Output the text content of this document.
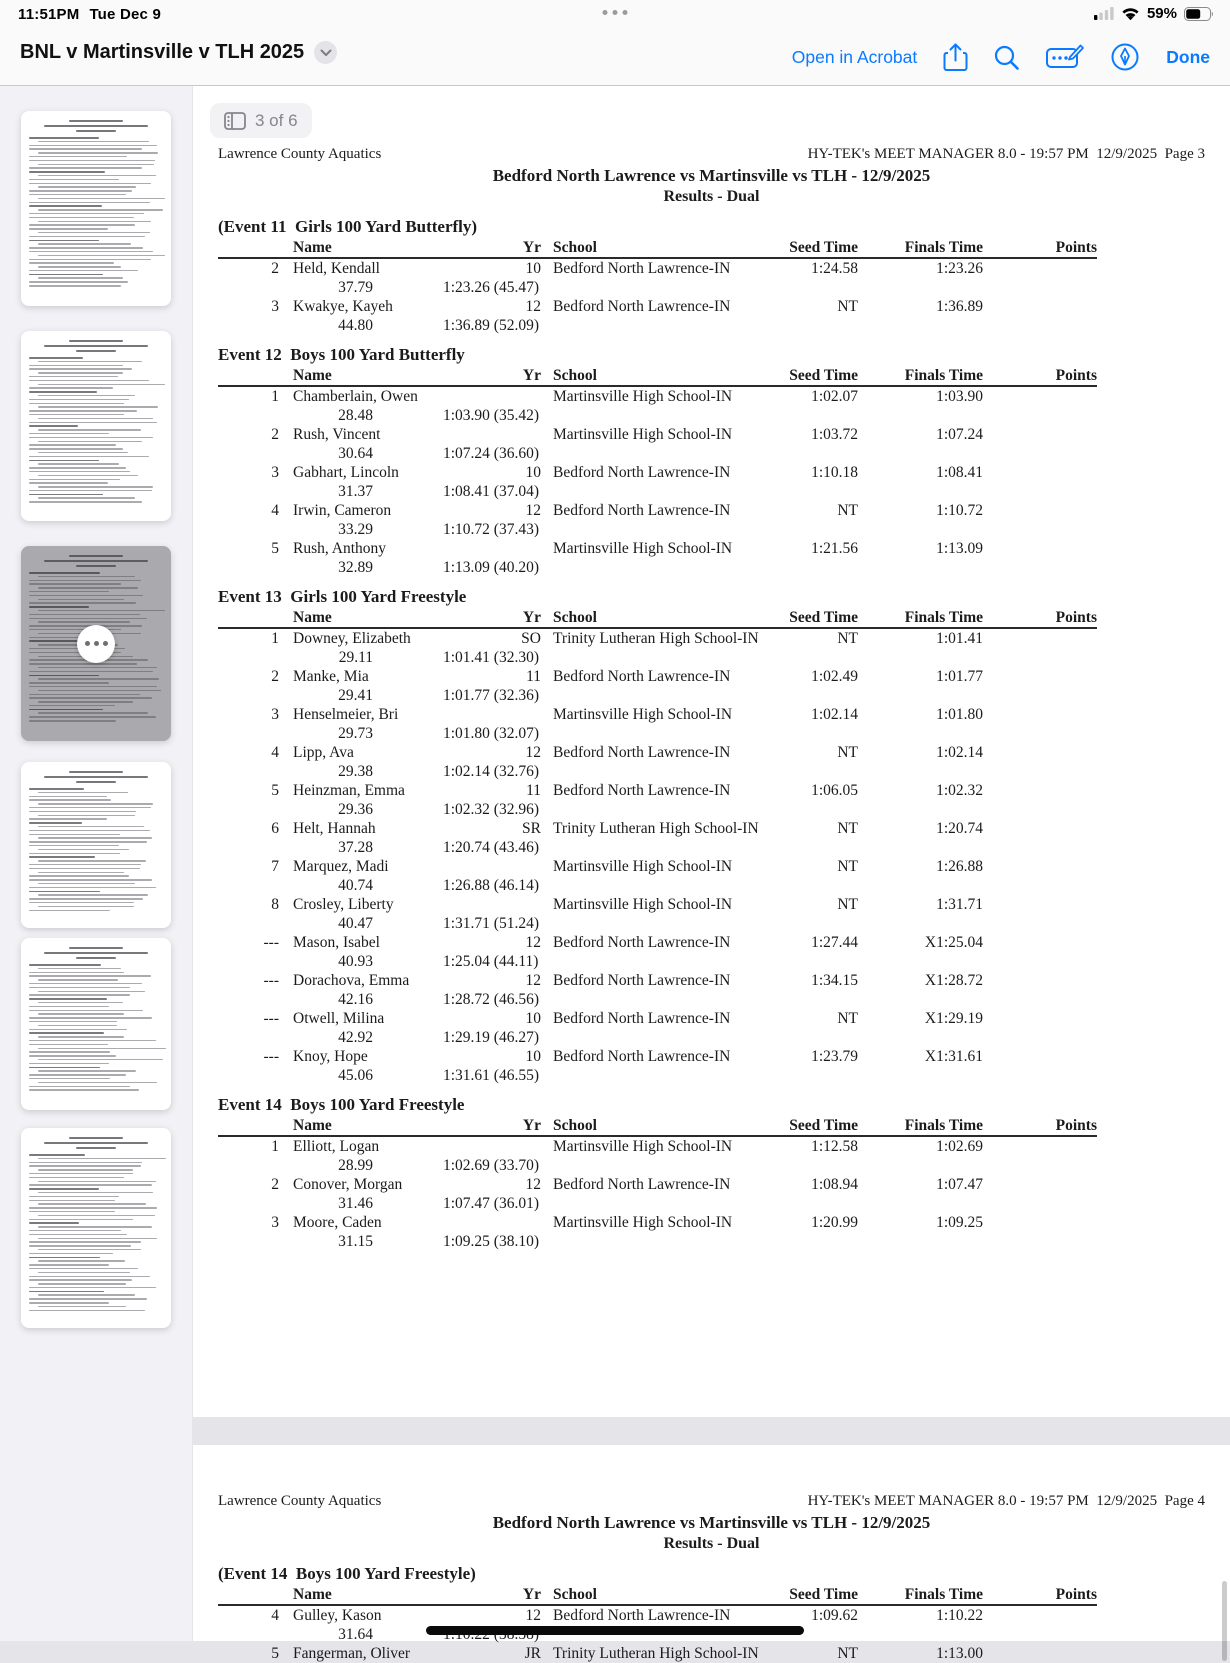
11:51PM Tue Dec 9	59%
BNL v Martinsville v TLH 2025	Open in Acrobat	Done
3 of 6
Lawrence County Aquatics	HY-TEK's MEET MANAGER 8.0 - 19:57 PM  12/9/2025  Page 3
Bedford North Lawrence vs Martinsville vs TLH - 12/9/2025
Results - Dual
(Event 11  Girls 100 Yard Butterfly)
Name	Yr School	Seed Time	Finals Time	Points
2 Held, Kendall	10 Bedford North Lawrence-IN	1:24.58	1:23.26
37.79	1:23.26 (45.47)
3 Kwakye, Kayeh	12 Bedford North Lawrence-IN	NT	1:36.89
44.80	1:36.89 (52.09)
Event 12  Boys 100 Yard Butterfly
Name	Yr School	Seed Time	Finals Time	Points
1 Chamberlain, Owen	Martinsville High School-IN	1:02.07	1:03.90
28.48	1:03.90 (35.42)
2 Rush, Vincent	Martinsville High School-IN	1:03.72	1:07.24
30.64	1:07.24 (36.60)
3 Gabhart, Lincoln	10 Bedford North Lawrence-IN	1:10.18	1:08.41
31.37	1:08.41 (37.04)
4 Irwin, Cameron	12 Bedford North Lawrence-IN	NT	1:10.72
33.29	1:10.72 (37.43)
5 Rush, Anthony	Martinsville High School-IN	1:21.56	1:13.09
32.89	1:13.09 (40.20)
Event 13  Girls 100 Yard Freestyle
Name	Yr School	Seed Time	Finals Time	Points
1 Downey, Elizabeth	SO Trinity Lutheran High School-IN	NT	1:01.41
29.11	1:01.41 (32.30)
2 Manke, Mia	11 Bedford North Lawrence-IN	1:02.49	1:01.77
29.41	1:01.77 (32.36)
3 Henselmeier, Bri	Martinsville High School-IN	1:02.14	1:01.80
29.73	1:01.80 (32.07)
4 Lipp, Ava	12 Bedford North Lawrence-IN	NT	1:02.14
29.38	1:02.14 (32.76)
5 Heinzman, Emma	11 Bedford North Lawrence-IN	1:06.05	1:02.32
29.36	1:02.32 (32.96)
6 Helt, Hannah	SR Trinity Lutheran High School-IN	NT	1:20.74
37.28	1:20.74 (43.46)
7 Marquez, Madi	Martinsville High School-IN	NT	1:26.88
40.74	1:26.88 (46.14)
8 Crosley, Liberty	Martinsville High School-IN	NT	1:31.71
40.47	1:31.71 (51.24)
--- Mason, Isabel	12 Bedford North Lawrence-IN	1:27.44	X1:25.04
40.93	1:25.04 (44.11)
--- Dorachova, Emma	12 Bedford North Lawrence-IN	1:34.15	X1:28.72
42.16	1:28.72 (46.56)
--- Otwell, Milina	10 Bedford North Lawrence-IN	NT	X1:29.19
42.92	1:29.19 (46.27)
--- Knoy, Hope	10 Bedford North Lawrence-IN	1:23.79	X1:31.61
45.06	1:31.61 (46.55)
Event 14  Boys 100 Yard Freestyle
Name	Yr School	Seed Time	Finals Time	Points
1 Elliott, Logan	Martinsville High School-IN	1:12.58	1:02.69
28.99	1:02.69 (33.70)
2 Conover, Morgan	12 Bedford North Lawrence-IN	1:08.94	1:07.47
31.46	1:07.47 (36.01)
3 Moore, Caden	Martinsville High School-IN	1:20.99	1:09.25
31.15	1:09.25 (38.10)
Lawrence County Aquatics	HY-TEK's MEET MANAGER 8.0 - 19:57 PM  12/9/2025  Page 4
Bedford North Lawrence vs Martinsville vs TLH - 12/9/2025
Results - Dual
(Event 14  Boys 100 Yard Freestyle)
Name	Yr School	Seed Time	Finals Time	Points
4 Gulley, Kason	12 Bedford North Lawrence-IN	1:09.62	1:10.22
31.64
5 Fangerman, Oliver	JR Trinity Lutheran High School-IN	NT	1:13.00
